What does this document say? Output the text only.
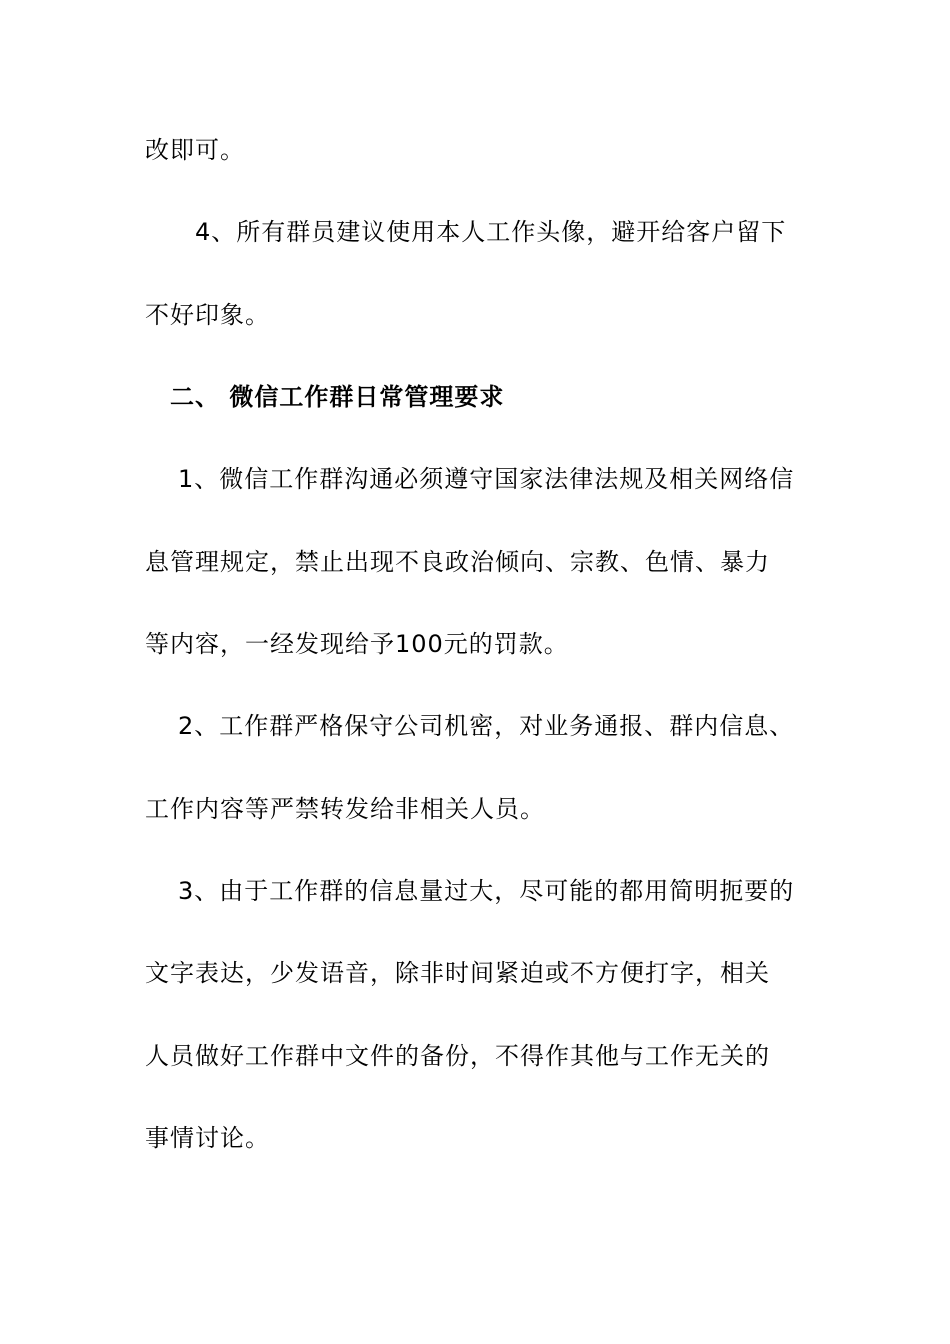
改即可。
4、所有群员建议使用本人工作头像，避开给客户留下
不好印象。
二、 微信工作群日常管理要求
1、微信工作群沟通必须遵守国家法律法规及相关网络信
息管理规定，禁止出现不良政治倾向、宗教、色情、暴力
等内容，一经发现给予100元的罚款。
2、工作群严格保守公司机密，对业务通报、群内信息、
工作内容等严禁转发给非相关人员。
3、由于工作群的信息量过大，尽可能的都用简明扼要的
文字表达，少发语音，除非时间紧迫或不方便打字，相关
人员做好工作群中文件的备份，不得作其他与工作无关的
事情讨论。
